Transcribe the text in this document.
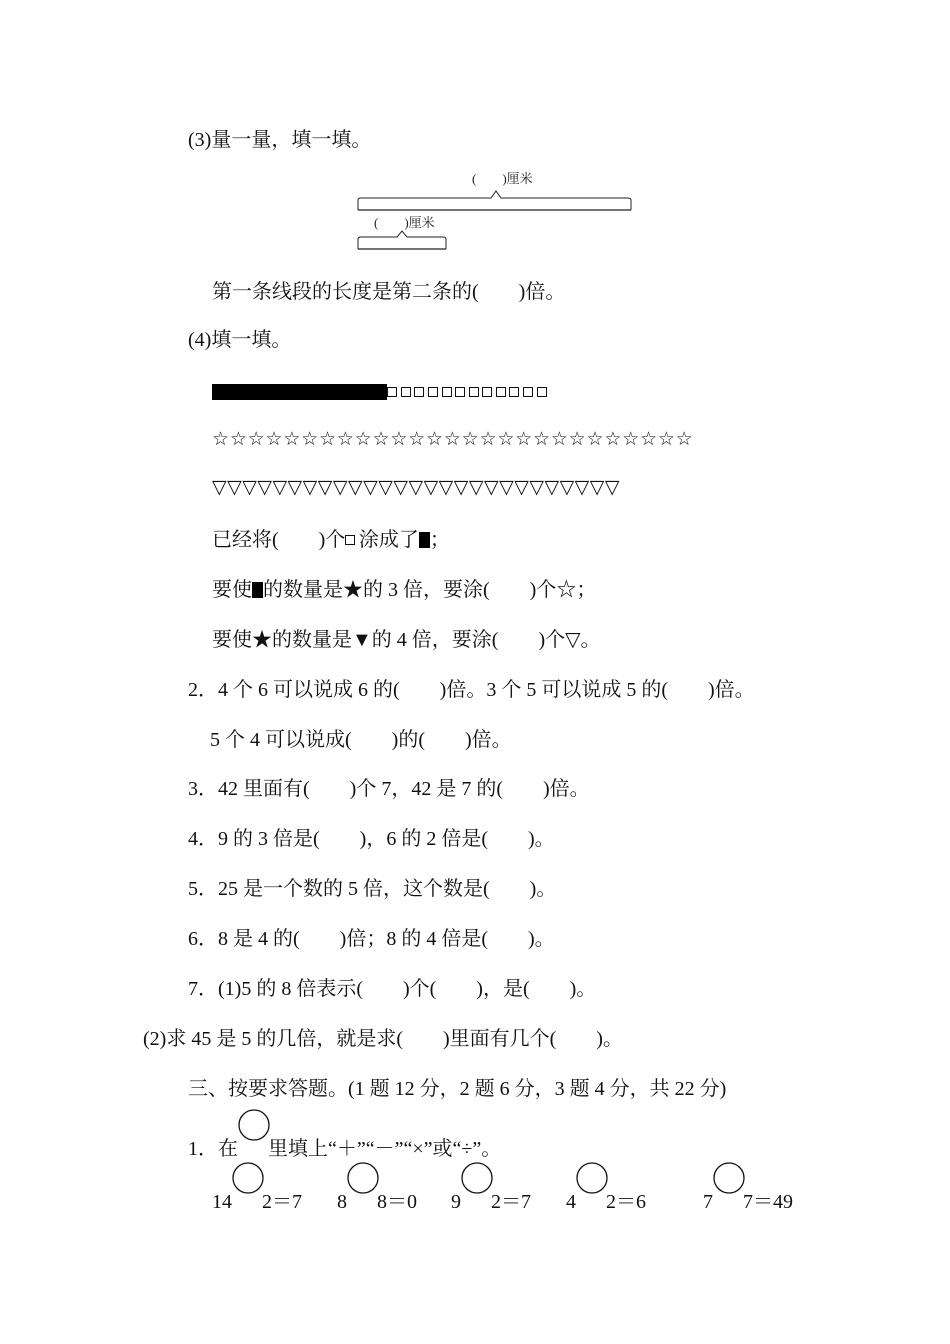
(3)量一量，填一填。
(　　)厘米
(　　)厘米
第一条线段的长度是第二条的(　　)倍。
(4)填一填。
☆☆☆☆☆☆☆☆☆☆☆☆☆☆☆☆☆☆☆☆☆☆☆☆☆☆☆
▽▽▽▽▽▽▽▽▽▽▽▽▽▽▽▽▽▽▽▽▽▽▽▽▽▽▽
已经将(　　)个 涂成了 ；
要使 的数量是★的 3 倍，要涂(　　)个☆；
要使★的数量是▼的 4 倍，要涂(　　)个▽。
2．4 个 6 可以说成 6 的(　　)倍。3 个 5 可以说成 5 的(　　)倍。
5 个 4 可以说成(　　)的(　　)倍。
3．42 里面有(　　)个 7，42 是 7 的(　　)倍。
4．9 的 3 倍是(　　)，6 的 2 倍是(　　)。
5．25 是一个数的 5 倍，这个数是(　　)。
6．8 是 4 的(　　)倍；8 的 4 倍是(　　)。
7．(1)5 的 8 倍表示(　　)个(　　)，是(　　)。
(2)求 45 是 5 的几倍，就是求(　　)里面有几个(　　)。
三、按要求答题。(1 题 12 分，2 题 6 分，3 题 4 分，共 22 分)
1．在 里填上“＋”“－”“×”或“÷”。
14 2＝7 8 8＝0 9 2＝7 4 2＝6	7 7＝49
